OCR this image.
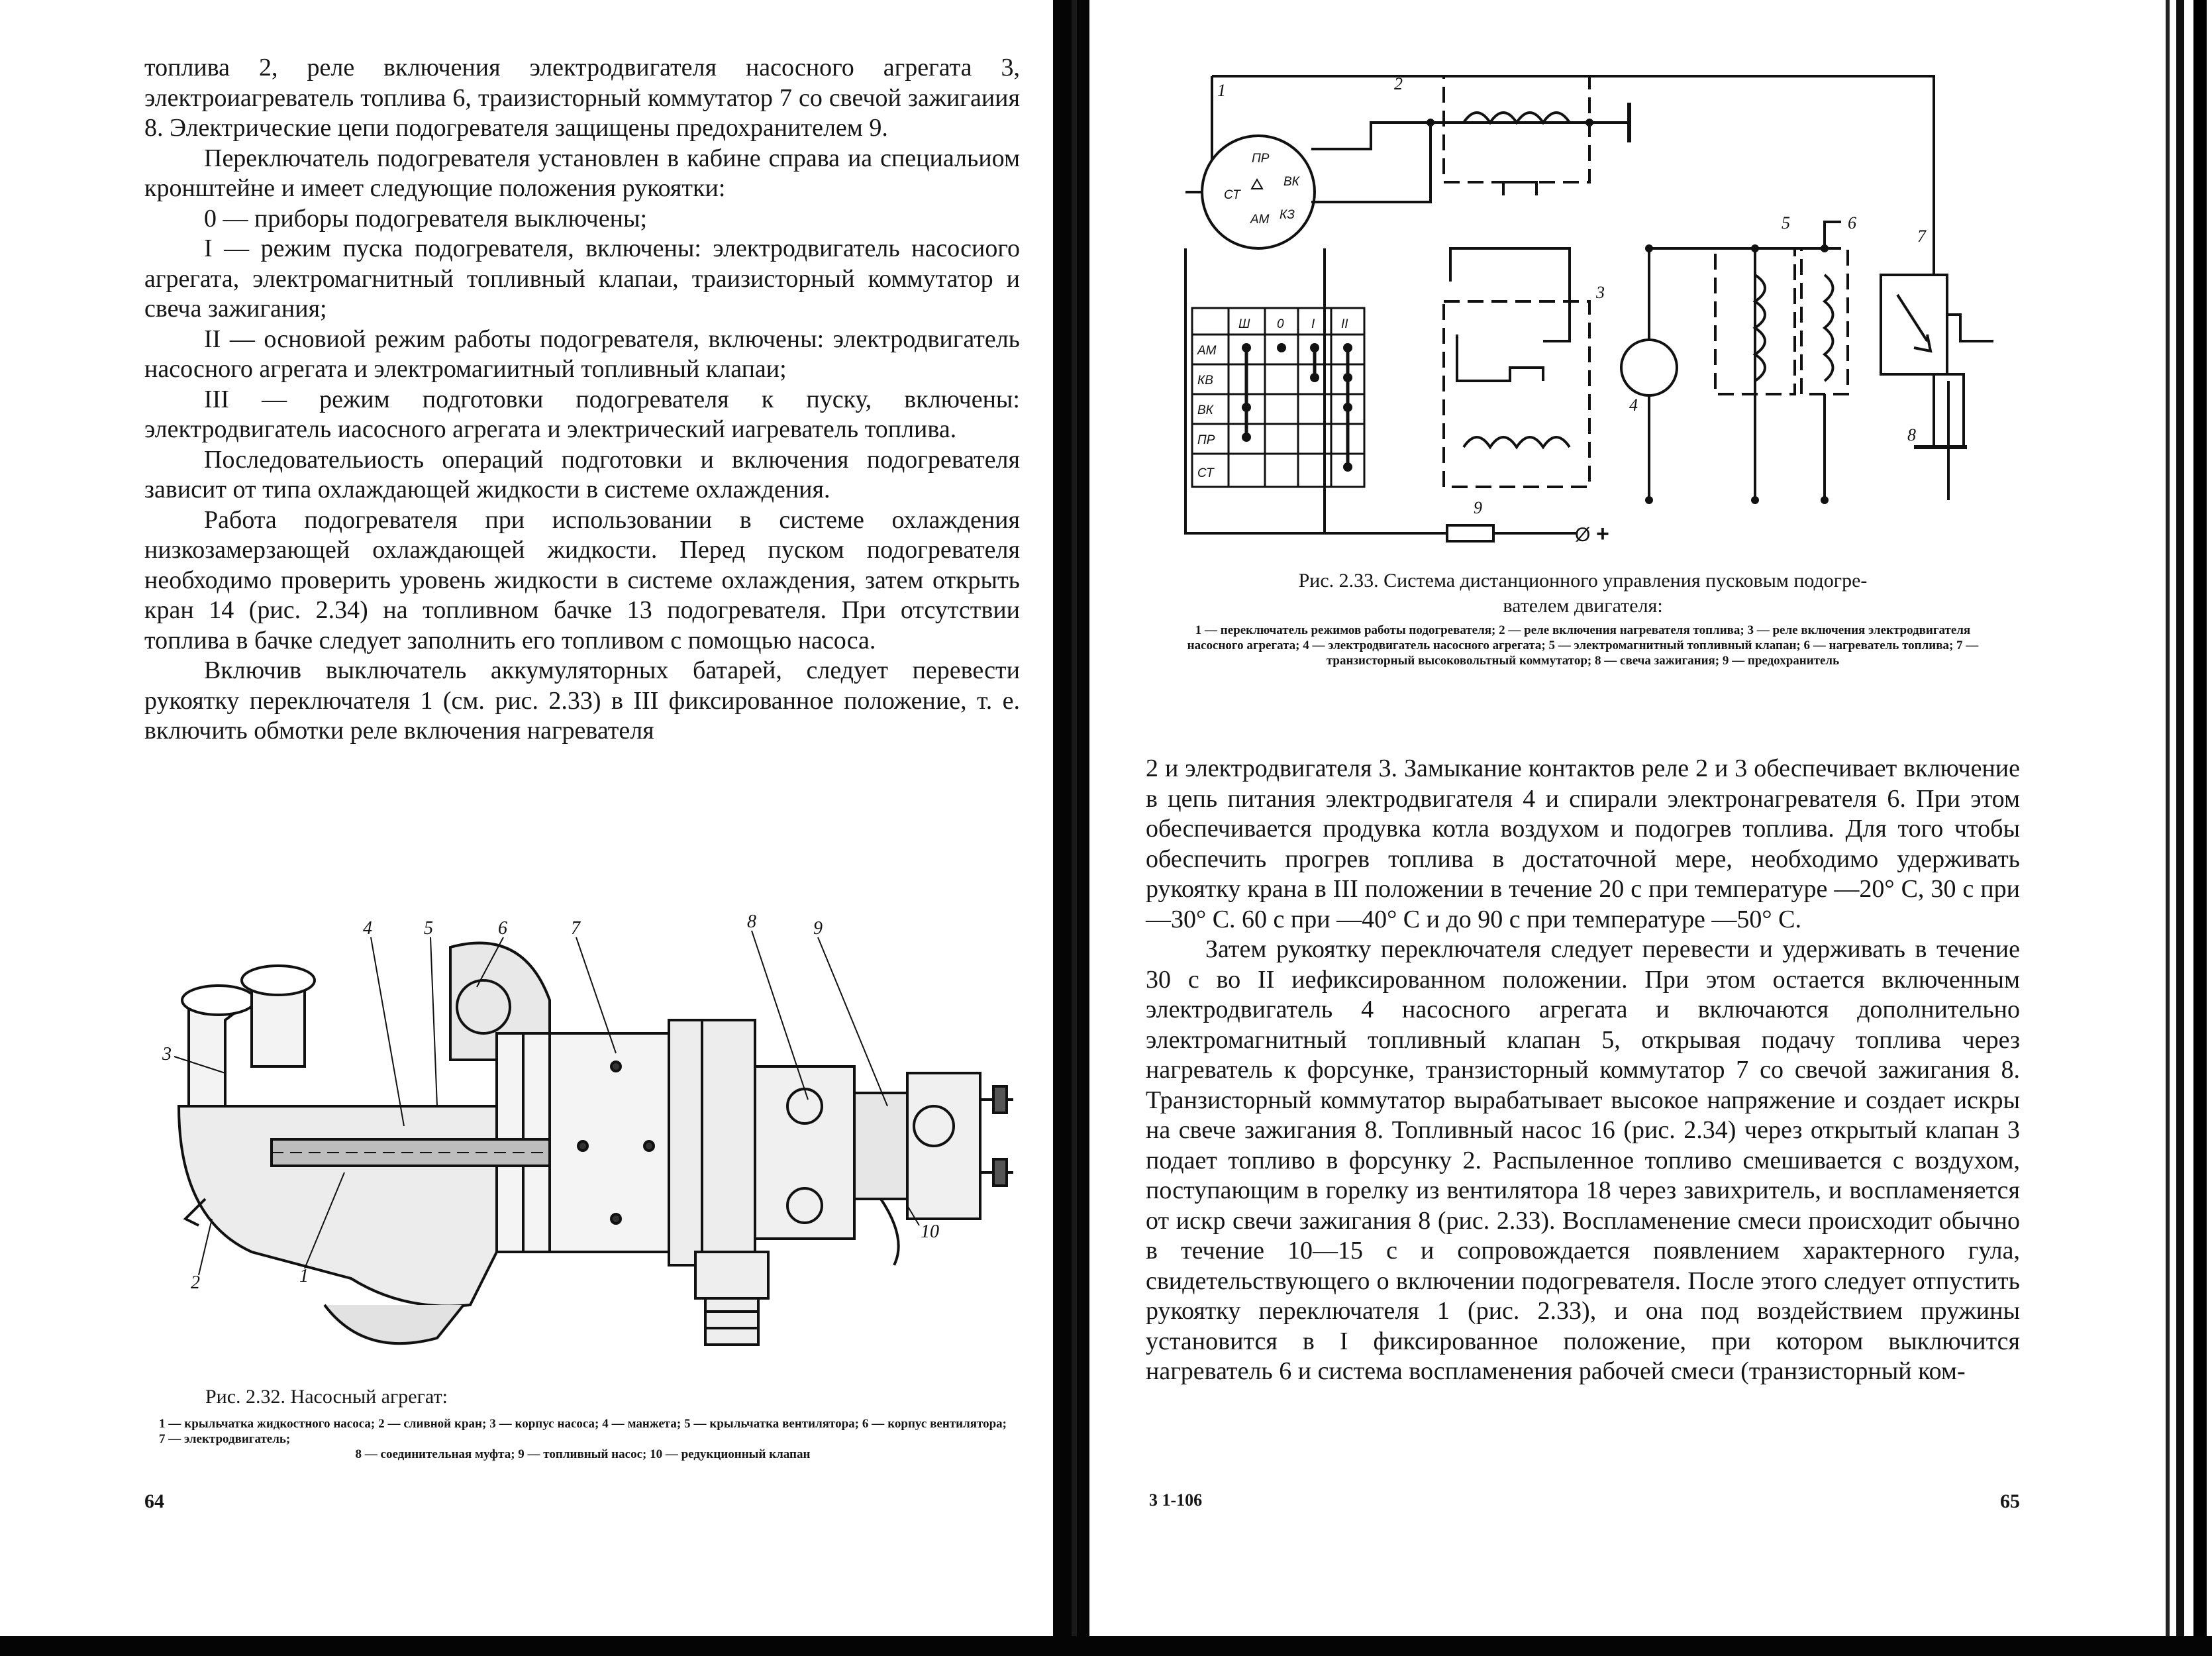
топлива 2, реле включения электродвигателя насосного агрегата 3, электроиагреватель топлива 6, траизисторный коммутатор 7 со свечой зажигаиия 8. Электрические цепи подогревателя защищены предохранителем 9.

Переключатель подогревателя установлен в кабине справа иа специальиом кронштейне и имеет следующие положения рукоятки:

0 — приборы подогревателя выключены;

I — режим пуска подогревателя, включены: электродвигатель насосиого агрегата, электромагнитный топливный клапаи, траизисторный коммутатор и свеча зажигания;

II — основиой режим работы подогревателя, включены: электродвигатель насосного агрегата и электромагиитный топливный клапаи;

III — режим подготовки подогревателя к пуску, включены: электродвигатель иасосного агрегата и электрический иагреватель топлива.

Последовательиость операций подготовки и включения подогревателя зависит от типа охлаждающей жидкости в системе охлаждения.

Работа подогревателя при использовании в системе охлаждения низкозамерзающей охлаждающей жидкости. Перед пуском подогревателя необходимо проверить уровень жидкости в системе охлаждения, затем открыть кран 14 (рис. 2.34) на топливном бачке 13 подогревателя. При отсутствии топлива в бачке следует заполнить его топливом с помощью насоса.

Включив выключатель аккумуляторных батарей, следует перевести рукоятку переключателя 1 (см. рис. 2.33) в III фиксированное положение, т. е. включить обмотки реле включения нагревателя

3
4	5	6	7	8	9
2	1
10
Рис. 2.32. Насосный агрегат:
1 — крыльчатка жидкостного насоса; 2 — сливной кран; 3 — корпус насоса; 4 — манжета; 5 — крыльчатка вентилятора; 6 — корпус вентилятора; 7 — электродвигатель;
8 — соединительная муфта; 9 — топливный насос; 10 — редукционный клапан
64
1	2
3
4
5	6
7
8
9
ПР
СТ
ВК
АМ КЗ
Ш 0 I II
АМ
КВ
ВК
ПР
СТ
+
Ø
Рис. 2.33. Система дистанционного управления пусковым подогре-
вателем двигателя:
1 — переключатель режимов работы подогревателя; 2 — реле включения нагревателя топлива; 3 — реле включения электродвигателя насосного агрегата; 4 — электродвигатель насосного агрегата; 5 — электромагнитный топливный клапан; 6 — нагреватель топлива; 7 — транзисторный высоковольтный коммутатор; 8 — свеча зажигания; 9 — предохранитель

2 и электродвигателя 3. Замыкание контактов реле 2 и 3 обеспечивает включение в цепь питания электродвигателя 4 и спирали электронагревателя 6. При этом обеспечивается продувка котла воздухом и подогрев топлива. Для того чтобы обеспечить прогрев топлива в достаточной мере, необходимо удерживать рукоятку крана в III положении в течение 20 с при температуре —20° С, 30 с при —30° С. 60 с при —40° С и до 90 с при температуре —50° С.

Затем рукоятку переключателя следует перевести и удерживать в течение 30 с во II иефиксированном положении. При этом остается включенным электродвигатель 4 насосного агрегата и включаются дополнительно электромагнитный топливный клапан 5, открывая подачу топлива через нагреватель к форсунке, транзисторный коммутатор 7 со свечой зажигания 8. Транзисторный коммутатор вырабатывает высокое напряжение и создает искры на свече зажигания 8. Топливный насос 16 (рис. 2.34) через открытый клапан 3 подает топливо в форсунку 2. Распыленное топливо смешивается с воздухом, поступающим в горелку из вентилятора 18 через завихритель, и воспламеняется от искр свечи зажигания 8 (рис. 2.33). Воспламенение смеси происходит обычно в течение 10—15 с и сопровождается появлением характерного гула, свидетельствующего о включении подогревателя. После этого следует отпустить рукоятку переключателя 1 (рис. 2.33), и она под воздействием пружины установится в I фиксированное положение, при котором выключится нагреватель 6 и система воспламенения рабочей смеси (транзисторный ком-

3 1-106	65
